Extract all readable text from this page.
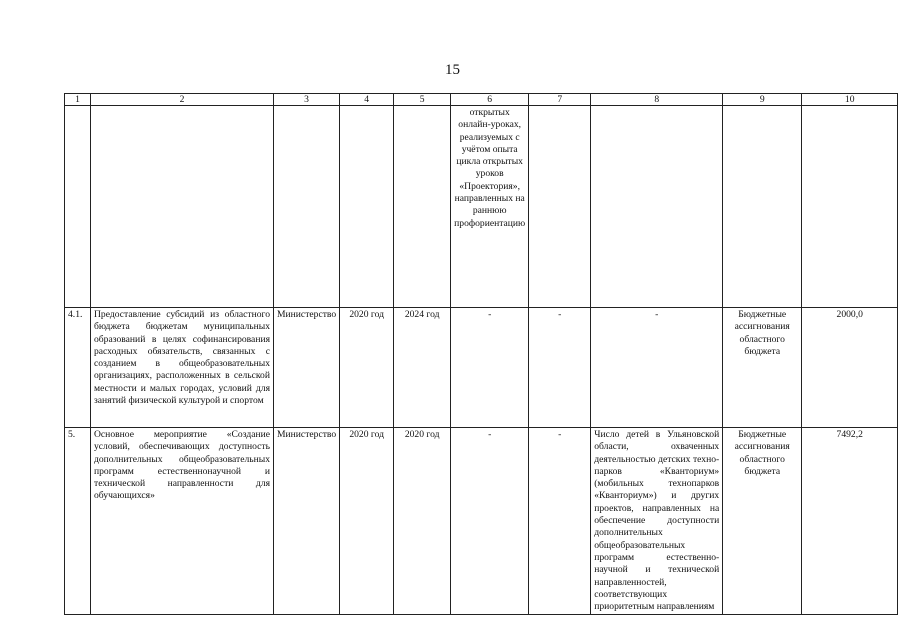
15
1	2	3	4	5	6	7	8	9	10
					открытых онлайн-уроках, реализуемых с учётом опыта цикла открытых уроков «Проектория», направленных на раннюю профориентацию				
4.1.	Предоставление субсидий из областного бюджета бюджетам муниципальных образований в целях софинансирования расходных обязательств, связанных с созданием в общеобразовательных организациях, расположенных в сельской местности и малых городах, условий для занятий физической культурой и спортом	Министерство	2020 год	2024 год	-	-	-	Бюджетные ассигнования областного бюджета	2000,0
5.	Основное мероприятие «Создание условий, обеспечивающих доступность дополнительных общеобразовательных программ естественнонаучной и технической направленности для обучающихся»	Министерство	2020 год	2020 год	-	-	Число детей в Ульяновской области, охваченных деятельностью детских техно-парков «Кванториум» (мобильных технопарков «Кванториум») и других проектов, направленных на обеспечение доступности дополнительных общеобразовательных программ естественно-научной и технической направленностей, соответствующих приоритетным направлениям	Бюджетные ассигнования областного бюджета	7492,2
